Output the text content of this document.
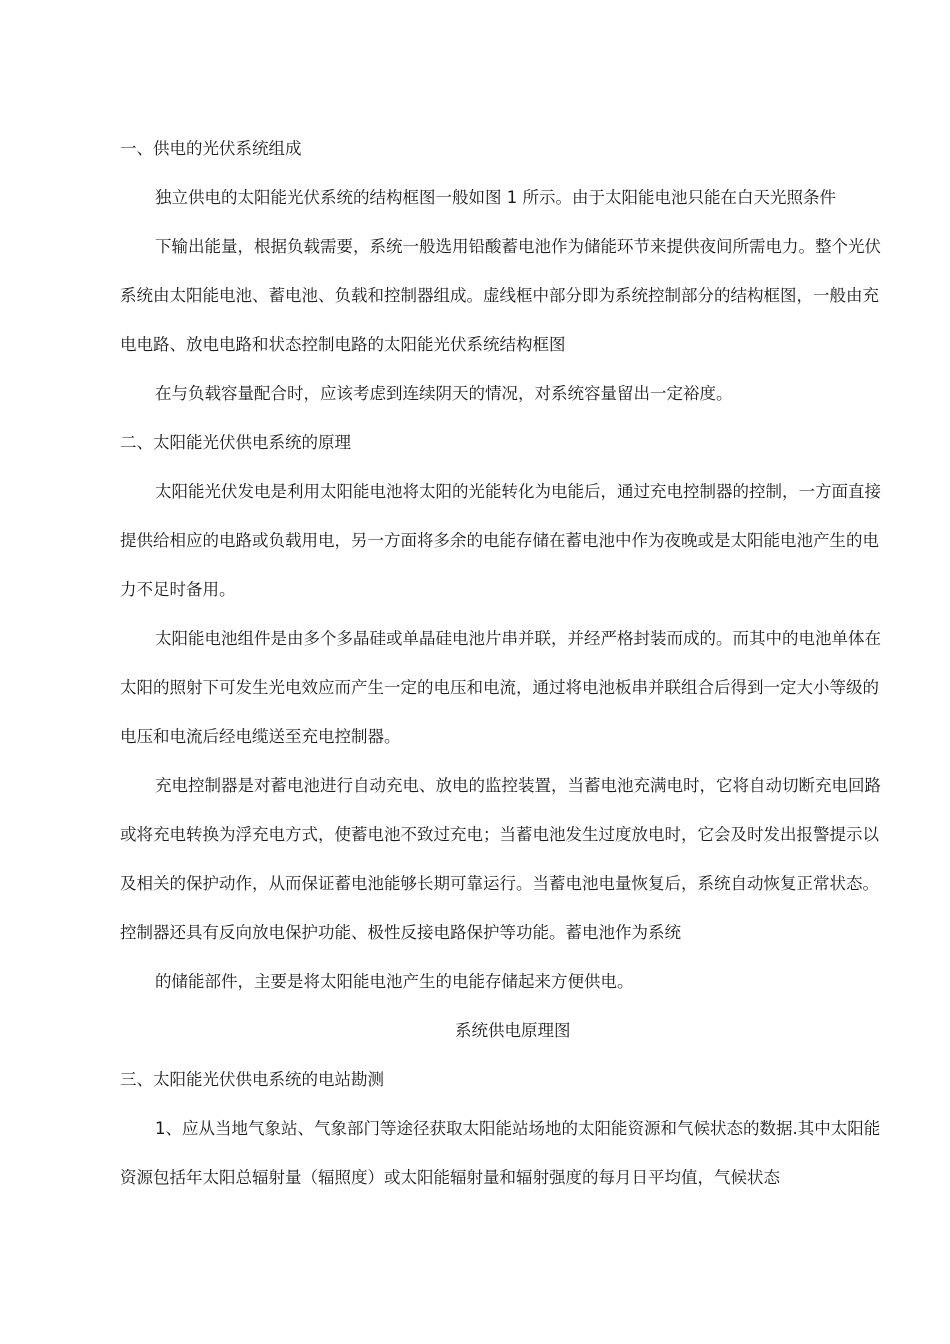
一、供电的光伏系统组成
独立供电的太阳能光伏系统的结构框图一般如图 1 所示。由于太阳能电池只能在白天光照条件
下输出能量，根据负载需要，系统一般选用铅酸蓄电池作为储能环节来提供夜间所需电力。整个光伏
系统由太阳能电池、蓄电池、负载和控制器组成。虚线框中部分即为系统控制部分的结构框图，一般由充
电电路、放电电路和状态控制电路的太阳能光伏系统结构框图
在与负载容量配合时，应该考虑到连续阴天的情况，对系统容量留出一定裕度。
二、太阳能光伏供电系统的原理
太阳能光伏发电是利用太阳能电池将太阳的光能转化为电能后，通过充电控制器的控制，一方面直接
提供给相应的电路或负载用电，另一方面将多余的电能存储在蓄电池中作为夜晚或是太阳能电池产生的电
力不足时备用。
太阳能电池组件是由多个多晶硅或单晶硅电池片串并联，并经严格封装而成的。而其中的电池单体在
太阳的照射下可发生光电效应而产生一定的电压和电流，通过将电池板串并联组合后得到一定大小等级的
电压和电流后经电缆送至充电控制器。
充电控制器是对蓄电池进行自动充电、放电的监控装置，当蓄电池充满电时，它将自动切断充电回路
或将充电转换为浮充电方式，使蓄电池不致过充电；当蓄电池发生过度放电时，它会及时发出报警提示以
及相关的保护动作，从而保证蓄电池能够长期可靠运行。当蓄电池电量恢复后，系统自动恢复正常状态。
控制器还具有反向放电保护功能、极性反接电路保护等功能。蓄电池作为系统
的储能部件，主要是将太阳能电池产生的电能存储起来方便供电。
系统供电原理图
三、太阳能光伏供电系统的电站勘测
1、应从当地气象站、气象部门等途径获取太阳能站场地的太阳能资源和气候状态的数据.其中太阳能
资源包括年太阳总辐射量（辐照度）或太阳能辐射量和辐射强度的每月日平均值，气候状态
